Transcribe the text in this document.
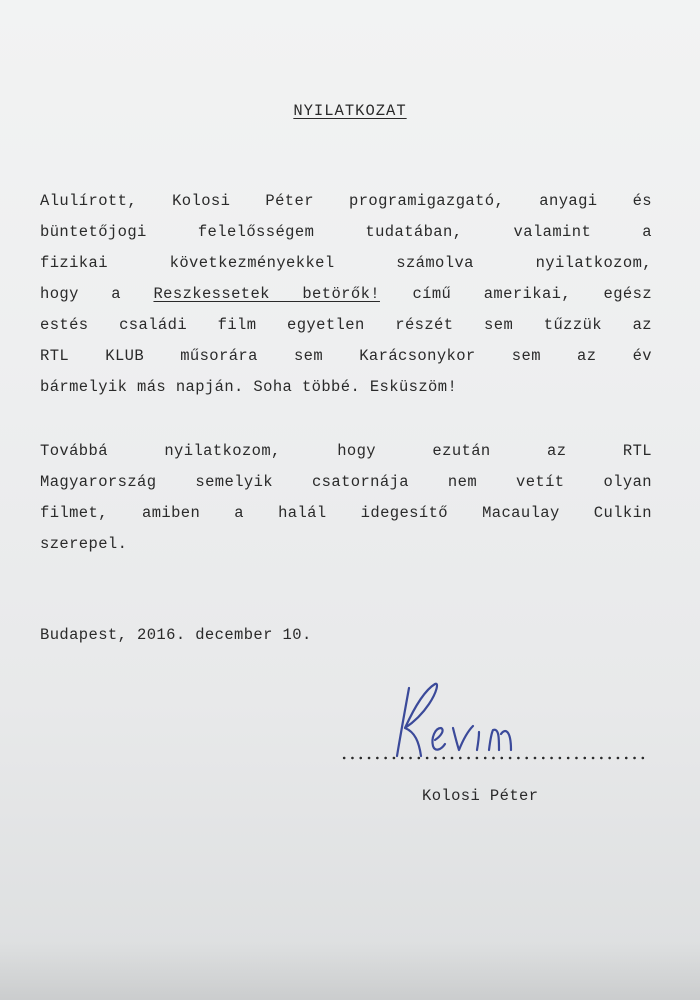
NYILATKOZAT
Alulírott, Kolosi Péter programigazgató, anyagi és
büntetőjogi felelősségem tudatában, valamint a
fizikai következményekkel számolva nyilatkozom,
hogy a Reszkessetek betörők! című amerikai, egész
estés családi film egyetlen részét sem tűzzük az
RTL KLUB műsorára sem Karácsonykor sem az év
bármelyik más napján. Soha többé. Esküszöm!
Továbbá nyilatkozom, hogy ezután az RTL
Magyarország semelyik csatornája nem vetít olyan
filmet, amiben a halál idegesítő Macaulay Culkin
szerepel.
Budapest, 2016. december 10.
Kolosi Péter
